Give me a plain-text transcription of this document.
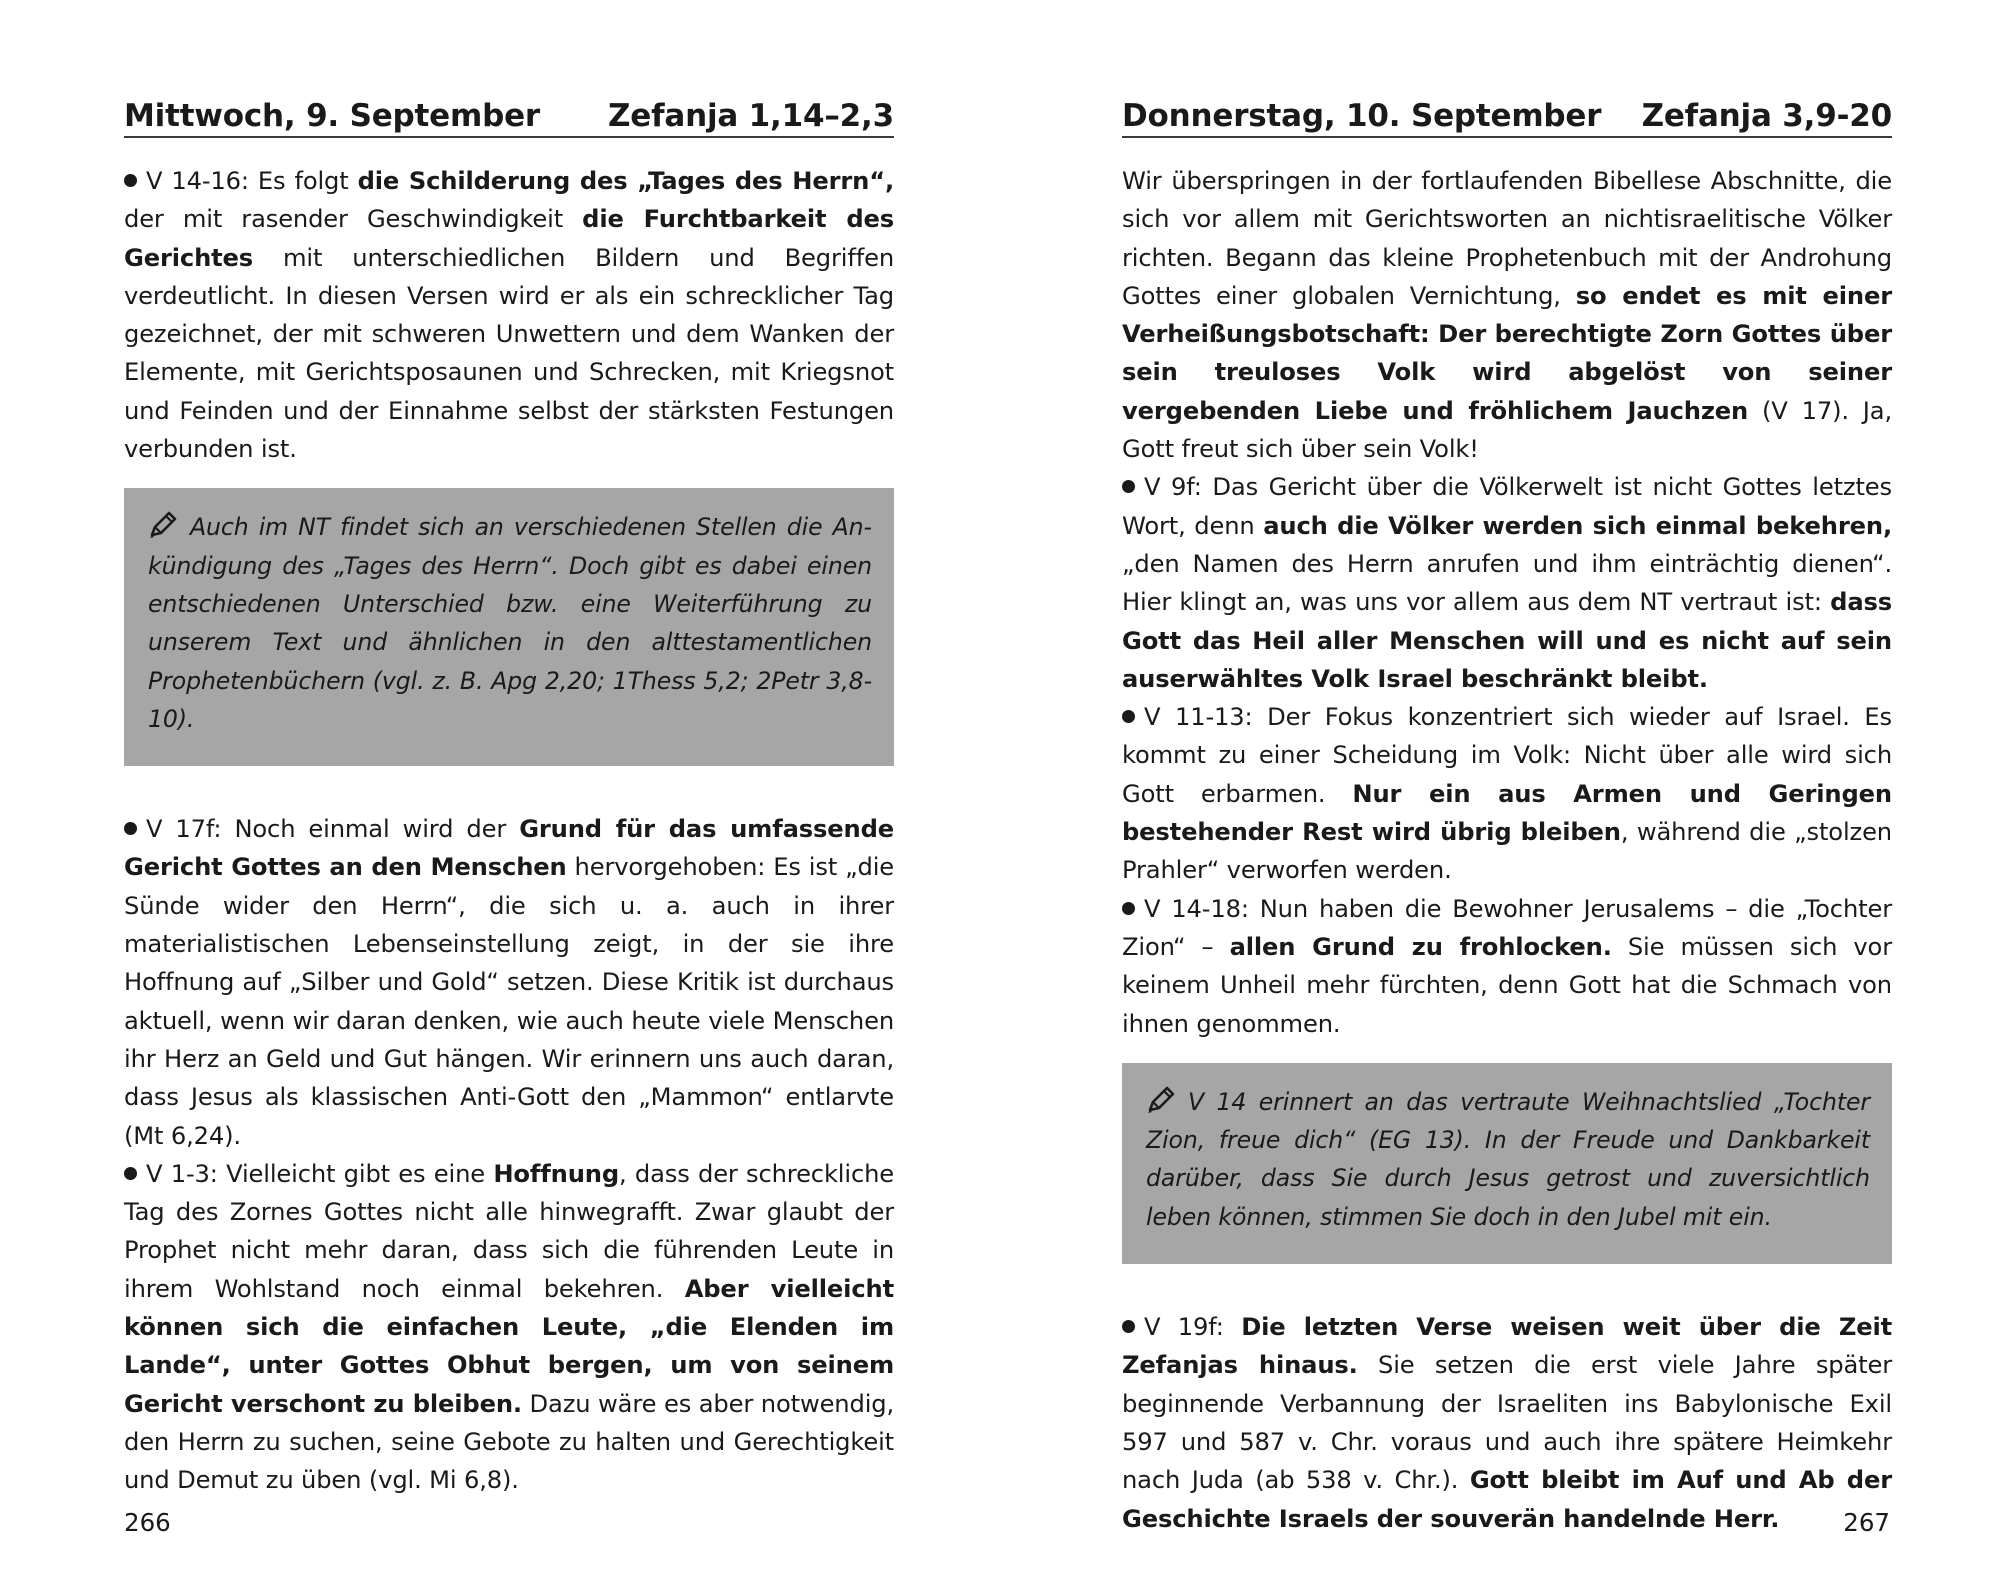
Mittwoch, 9. September Zefanja 1,14–2,3

V 14-16: Es folgt die Schilderung des „Tages des Herrn“, der mit rasender Geschwindigkeit die Furchtbarkeit des Gerichtes mit unterschiedlichen Bildern und Begriffen verdeutlicht. In diesen Versen wird er als ein schrecklicher Tag gezeichnet, der mit schweren Unwettern und dem Wanken der Elemente, mit Gerichtsposaunen und Schrecken, mit Kriegsnot und Feinden und der Einnahme selbst der stärksten Festungen verbunden ist.

Auch im NT findet sich an verschiedenen Stellen die Ankündigung des „Tages des Herrn“. Doch gibt es dabei einen entschiedenen Unterschied bzw. eine Weiterführung zu unserem Text und ähnlichen in den alttestamentlichen Prophetenbüchern (vgl. z. B. Apg 2,20; 1Thess 5,2; 2Petr 3,8-10).

V 17f: Noch einmal wird der Grund für das umfassende Gericht Gottes an den Menschen hervorgehoben: Es ist „die Sünde wider den Herrn“, die sich u. a. auch in ihrer materialistischen Lebenseinstellung zeigt, in der sie ihre Hoffnung auf „Silber und Gold“ setzen. Diese Kritik ist durchaus aktuell, wenn wir daran denken, wie auch heute viele Menschen ihr Herz an Geld und Gut hängen. Wir erinnern uns auch daran, dass Jesus als klassischen Anti-Gott den „Mammon“ entlarvte (Mt 6,24).

V 1-3: Vielleicht gibt es eine Hoffnung, dass der schreckliche Tag des Zornes Gottes nicht alle hinwegrafft. Zwar glaubt der Prophet nicht mehr daran, dass sich die führenden Leute in ihrem Wohlstand noch einmal bekehren. Aber vielleicht können sich die einfachen Leute, „die Elenden im Lande“, unter Gottes Obhut bergen, um von seinem Gericht verschont zu bleiben. Dazu wäre es aber notwendig, den Herrn zu suchen, seine Gebote zu halten und Gerechtigkeit und Demut zu üben (vgl. Mi 6,8).

Donnerstag, 10. September Zefanja 3,9-20

Wir überspringen in der fortlaufenden Bibellese Abschnitte, die sich vor allem mit Gerichtsworten an nichtisraelitische Völker richten. Begann das kleine Prophetenbuch mit der Androhung Gottes einer globalen Vernichtung, so endet es mit einer Verheißungsbotschaft: Der berechtigte Zorn Gottes über sein treuloses Volk wird abgelöst von seiner vergebenden Liebe und fröhlichem Jauchzen (V 17). Ja, Gott freut sich über sein Volk!

V 9f: Das Gericht über die Völkerwelt ist nicht Gottes letztes Wort, denn auch die Völker werden sich einmal bekehren, „den Namen des Herrn anrufen und ihm einträchtig dienen“. Hier klingt an, was uns vor allem aus dem NT vertraut ist: dass Gott das Heil aller Menschen will und es nicht auf sein auserwähltes Volk Israel beschränkt bleibt.

V 11-13: Der Fokus konzentriert sich wieder auf Israel. Es kommt zu einer Scheidung im Volk: Nicht über alle wird sich Gott erbarmen. Nur ein aus Armen und Geringen bestehender Rest wird übrig bleiben, während die „stolzen Prahler“ verworfen werden.

V 14-18: Nun haben die Bewohner Jerusalems – die „Tochter Zion“ – allen Grund zu frohlocken. Sie müssen sich vor keinem Unheil mehr fürchten, denn Gott hat die Schmach von ihnen genommen.

V 14 erinnert an das vertraute Weihnachtslied „Tochter Zion, freue dich“ (EG 13). In der Freude und Dankbarkeit darüber, dass Sie durch Jesus getrost und zuversichtlich leben können, stimmen Sie doch in den Jubel mit ein.

V 19f: Die letzten Verse weisen weit über die Zeit Zefanjas hinaus. Sie setzen die erst viele Jahre später beginnende Verbannung der Israeliten ins Babylonische Exil 597 und 587 v. Chr. voraus und auch ihre spätere Heimkehr nach Juda (ab 538 v. Chr.). Gott bleibt im Auf und Ab der Geschichte Israels der souverän handelnde Herr.

266	267
